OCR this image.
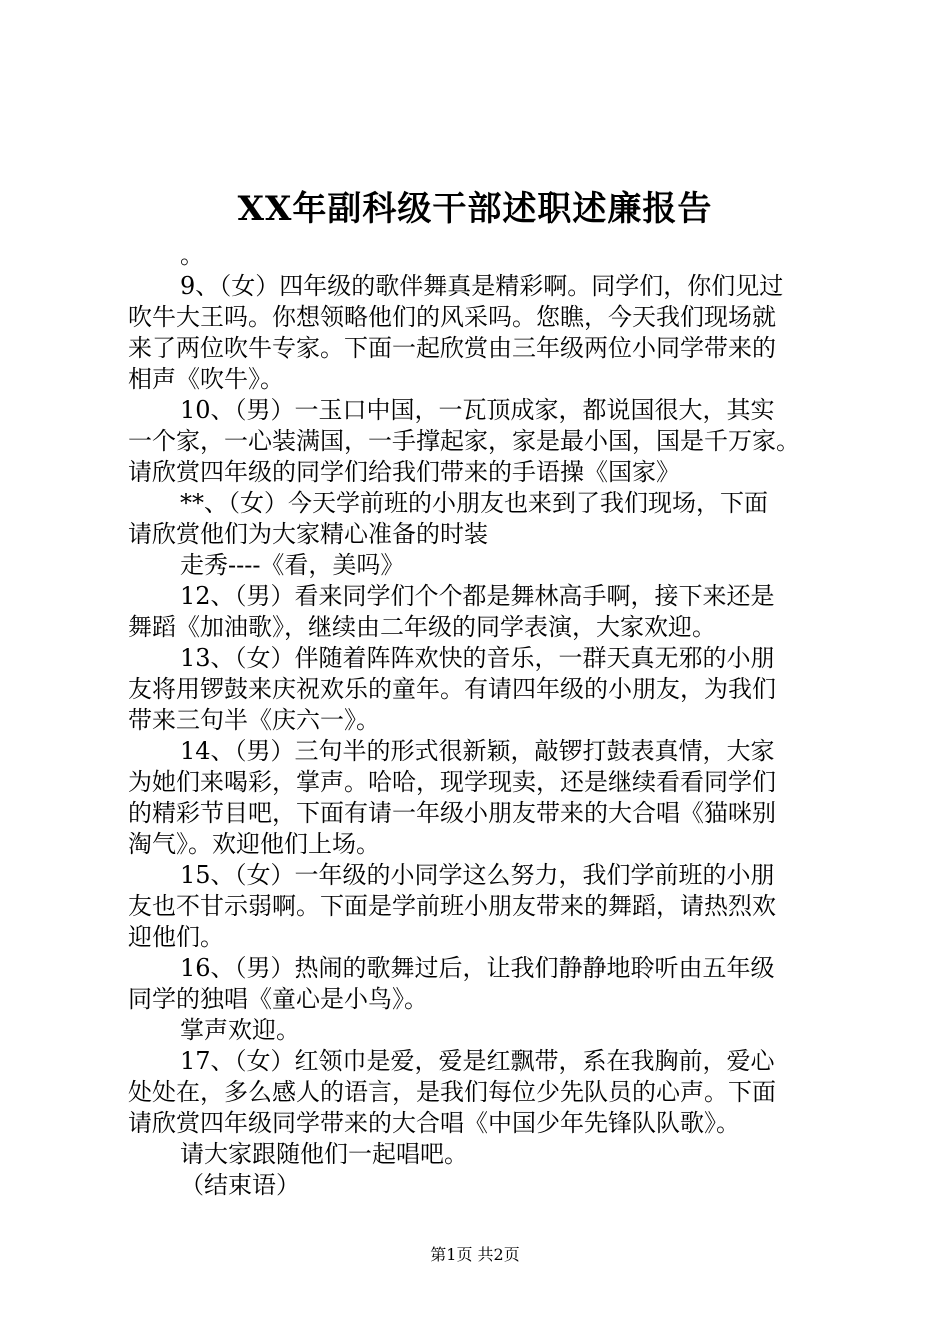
XX年副科级干部述职述廉报告
。
9、（女）四年级的歌伴舞真是精彩啊。同学们，你们见过
吹牛大王吗。你想领略他们的风采吗。您瞧，今天我们现场就
来了两位吹牛专家。下面一起欣赏由三年级两位小同学带来的
相声《吹牛》。
10、（男）一玉口中国，一瓦顶成家，都说国很大，其实
一个家，一心装满国，一手撑起家，家是最小国，国是千万家。
请欣赏四年级的同学们给我们带来的手语操《国家》
**、（女）今天学前班的小朋友也来到了我们现场，下面
请欣赏他们为大家精心准备的时装
走秀----《看，美吗》
12、（男）看来同学们个个都是舞林高手啊，接下来还是
舞蹈《加油歌》，继续由二年级的同学表演，大家欢迎。
13、（女）伴随着阵阵欢快的音乐，一群天真无邪的小朋
友将用锣鼓来庆祝欢乐的童年。有请四年级的小朋友，为我们
带来三句半《庆六一》。
14、（男）三句半的形式很新颖，敲锣打鼓表真情，大家
为她们来喝彩，掌声。哈哈，现学现卖，还是继续看看同学们
的精彩节目吧，下面有请一年级小朋友带来的大合唱《猫咪别
淘气》。欢迎他们上场。
15、（女）一年级的小同学这么努力，我们学前班的小朋
友也不甘示弱啊。下面是学前班小朋友带来的舞蹈，请热烈欢
迎他们。
16、（男）热闹的歌舞过后，让我们静静地聆听由五年级
同学的独唱《童心是小鸟》。
掌声欢迎。
17、（女）红领巾是爱，爱是红飘带，系在我胸前，爱心
处处在，多么感人的语言，是我们每位少先队员的心声。下面
请欣赏四年级同学带来的大合唱《中国少年先锋队队歌》。
请大家跟随他们一起唱吧。
（结束语）
第1页 共2页
